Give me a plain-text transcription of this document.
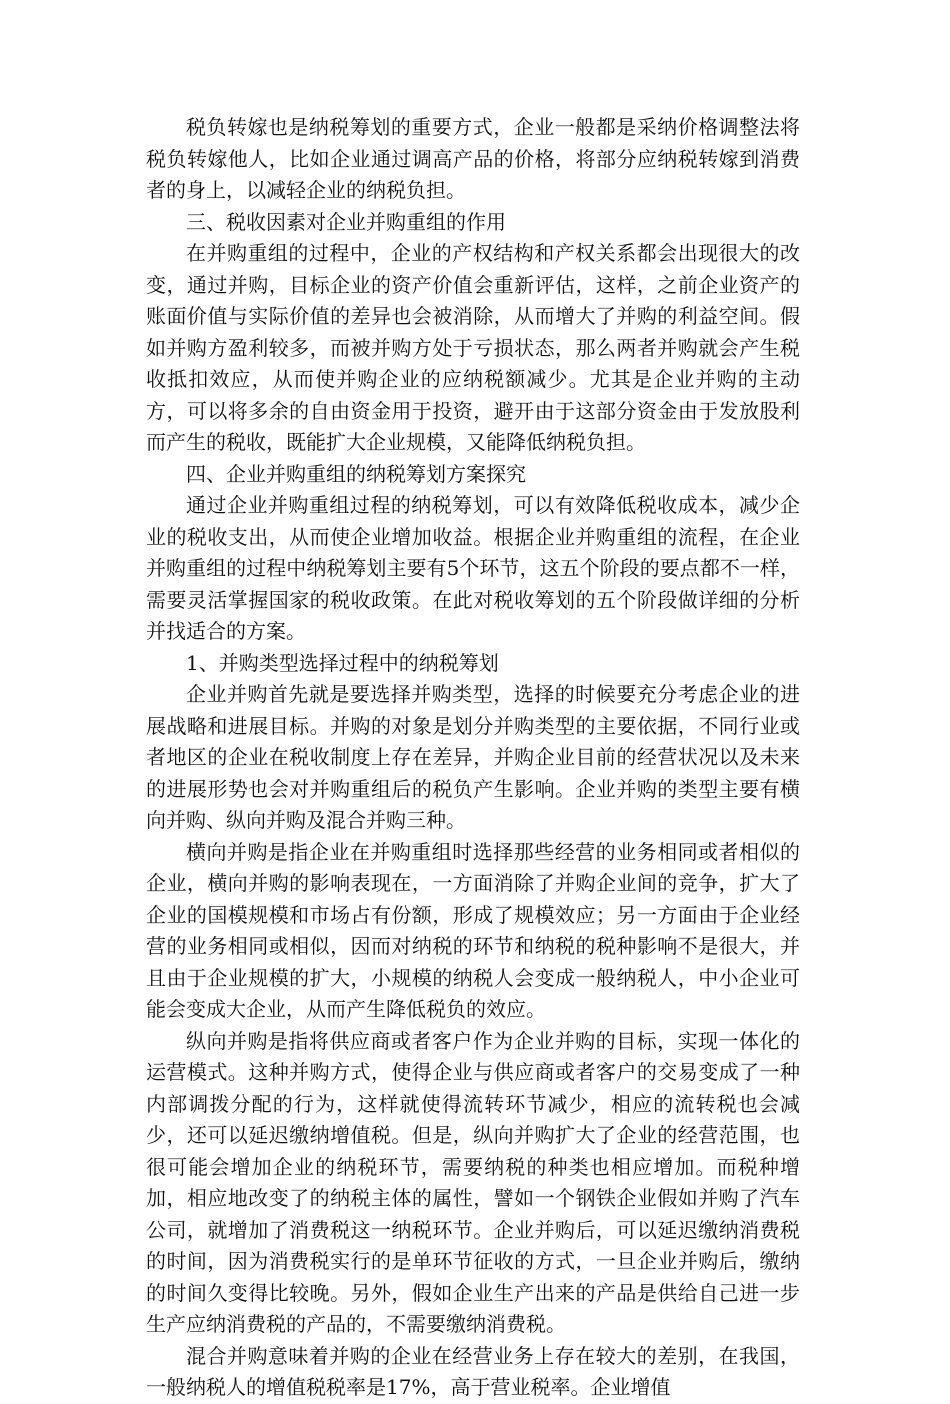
税负转嫁也是纳税筹划的重要方式，企业一般都是采纳价格调整法将税负转嫁他人，比如企业通过调高产品的价格，将部分应纳税转嫁到消费者的身上，以减轻企业的纳税负担。

三、税收因素对企业并购重组的作用

在并购重组的过程中，企业的产权结构和产权关系都会出现很大的改变，通过并购，目标企业的资产价值会重新评估，这样，之前企业资产的账面价值与实际价值的差异也会被消除，从而增大了并购的利益空间。假如并购方盈利较多，而被并购方处于亏损状态，那么两者并购就会产生税收抵扣效应，从而使并购企业的应纳税额减少。尤其是企业并购的主动方，可以将多余的自由资金用于投资，避开由于这部分资金由于发放股利而产生的税收，既能扩大企业规模，又能降低纳税负担。

四、企业并购重组的纳税筹划方案探究

通过企业并购重组过程的纳税筹划，可以有效降低税收成本，减少企业的税收支出，从而使企业增加收益。根据企业并购重组的流程，在企业并购重组的过程中纳税筹划主要有5个环节，这五个阶段的要点都不一样，需要灵活掌握国家的税收政策。在此对税收筹划的五个阶段做详细的分析并找适合的方案。

1、并购类型选择过程中的纳税筹划

企业并购首先就是要选择并购类型，选择的时候要充分考虑企业的进展战略和进展目标。并购的对象是划分并购类型的主要依据，不同行业或者地区的企业在税收制度上存在差异，并购企业目前的经营状况以及未来的进展形势也会对并购重组后的税负产生影响。企业并购的类型主要有横向并购、纵向并购及混合并购三种。

横向并购是指企业在并购重组时选择那些经营的业务相同或者相似的企业，横向并购的影响表现在，一方面消除了并购企业间的竞争，扩大了企业的国模规模和市场占有份额，形成了规模效应；另一方面由于企业经营的业务相同或相似，因而对纳税的环节和纳税的税种影响不是很大，并且由于企业规模的扩大，小规模的纳税人会变成一般纳税人，中小企业可能会变成大企业，从而产生降低税负的效应。

纵向并购是指将供应商或者客户作为企业并购的目标，实现一体化的运营模式。这种并购方式，使得企业与供应商或者客户的交易变成了一种内部调拨分配的行为，这样就使得流转环节减少，相应的流转税也会减少，还可以延迟缴纳增值税。但是，纵向并购扩大了企业的经营范围，也很可能会增加企业的纳税环节，需要纳税的种类也相应增加。而税种增加，相应地改变了的纳税主体的属性，譬如一个钢铁企业假如并购了汽车公司，就增加了消费税这一纳税环节。企业并购后，可以延迟缴纳消费税的时间，因为消费税实行的是单环节征收的方式，一旦企业并购后，缴纳的时间久变得比较晚。另外，假如企业生产出来的产品是供给自己进一步生产应纳消费税的产品的，不需要缴纳消费税。

混合并购意味着并购的企业在经营业务上存在较大的差别，在我国，一般纳税人的增值税税率是17%，高于营业税率。企业增值
